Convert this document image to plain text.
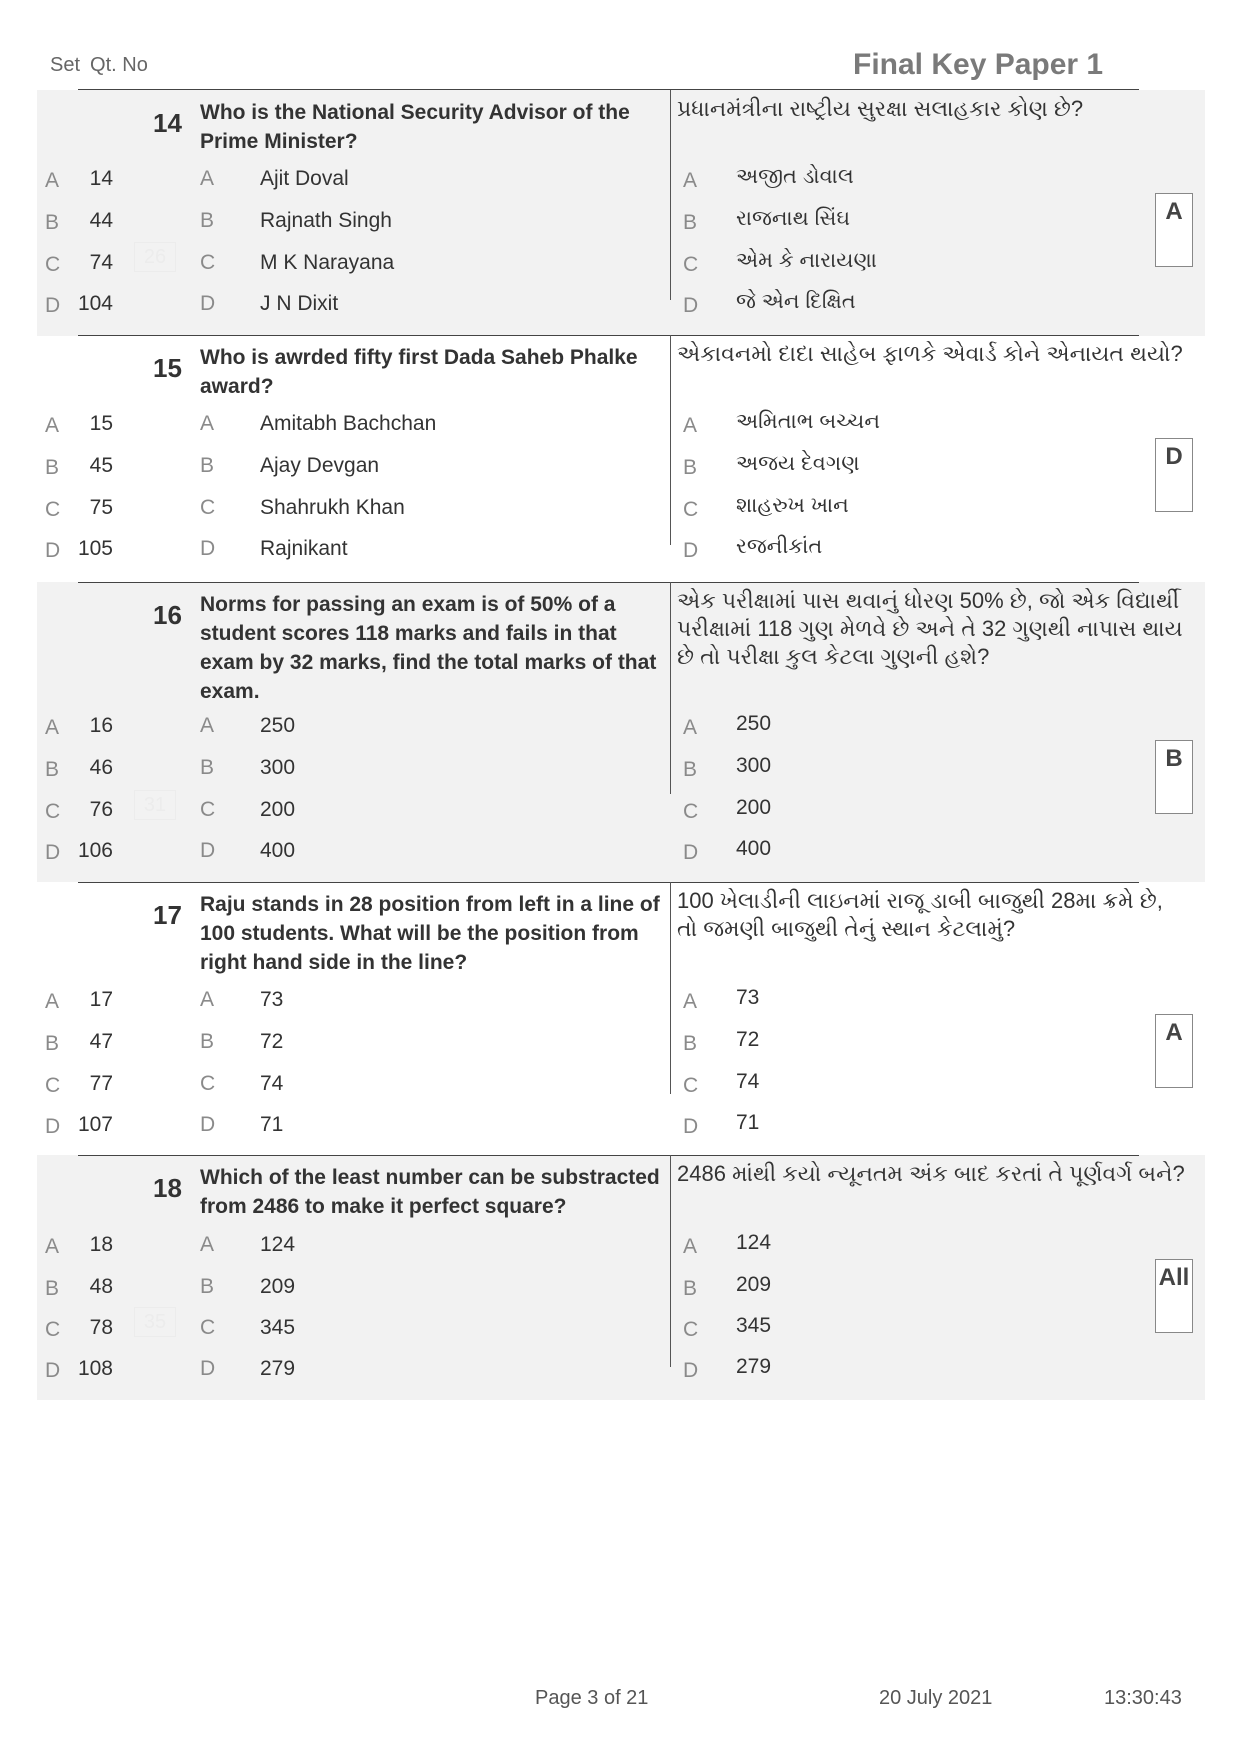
Set Qt. No	Final Key Paper 1
14 Who is the National Security Advisor of the Prime Minister?
પ્રધાનમંત્રીના રાષ્ટ્રીય સુરક્ષા સલાહકાર કોણ છે?
A	14	A Ajit Doval	A અજીત ડોવાલ
B	44	B Rajnath Singh	B રાજનાથ સિંઘ
C	74	C M K Narayana	C એમ કે નારાયણા
D 104	D J N Dixit	D જે એન દિક્ષિત
26
A
15 Who is awrded fifty first Dada Saheb Phalke award?
એકાવનમો દાદા સાહેબ ફાળકે એવાર્ડ કોને એનાયત થયો?
A	15	A Amitabh Bachchan	A અમિતાભ બચ્ચન
B	45	B Ajay Devgan	B અજય દેવગણ
C	75	C Shahrukh Khan	C શાહરુખ ખાન
D 105	D Rajnikant	D રજનીકાંત
D
16 Norms for passing an exam is of 50% of a student scores 118 marks and fails in that exam by 32 marks, find the total marks of that exam.
એક પરીક્ષામાં પાસ થવાનું ધોરણ 50% છે, જો એક વિદ્યાર્થી પરીક્ષામાં 118 ગુણ મેળવે છે અને તે 32 ગુણથી નાપાસ થાય છે તો પરીક્ષા કુલ કેટલા ગુણની હશે?
A	16	A 250	A 250
B	46	B 300	B 300
C	76	C 200	C 200
D 106	D 400	D 400
31
B
17 Raju stands in 28 position from left in a line of 100 students. What will be the position from right hand side in the line?
100 ખેલાડીની લાઇનમાં રાજૂ ડાબી બાજુથી 28મા ક્રમે છે, તો જમણી બાજુથી તેનું સ્થાન કેટલામું?
A	17	A 73	A 73
B	47	B 72	B 72
C	77	C 74	C 74
D 107	D 71	D 71
A
18 Which of the least number can be substracted from 2486 to make it perfect square?
2486 માંથી કયો ન્યૂનતમ અંક બાદ કરતાં તે પૂર્ણવર્ગ બને?
A	18	A 124	A 124
B	48	B 209	B 209
C	78	C 345	C 345
D 108	D 279	D 279
35
All
Page 3 of 21	20 July 2021	13:30:43
